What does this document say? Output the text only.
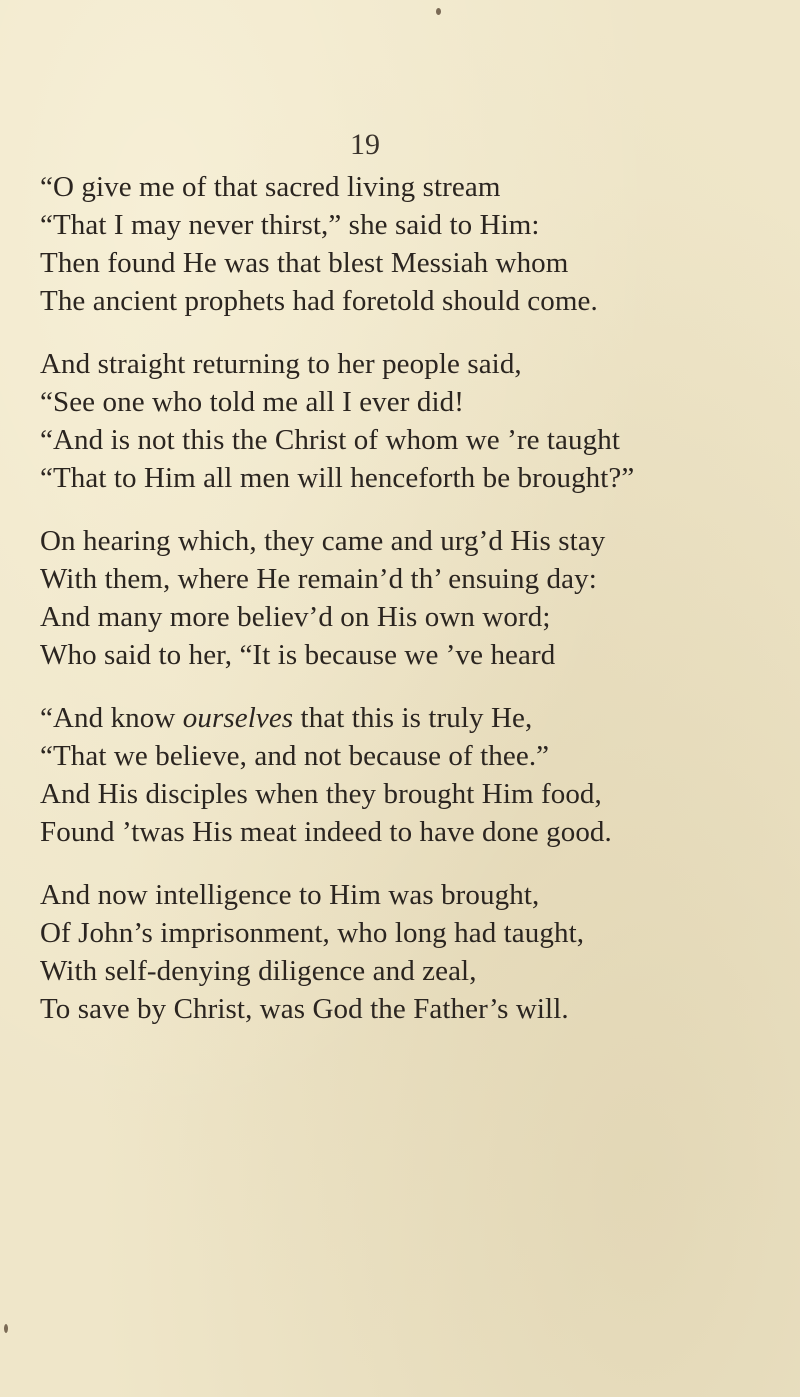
19
“O give me of that sacred living stream
“That I may never thirst,” she said to Him:
Then found He was that blest Messiah whom
The ancient prophets had foretold should come.
And straight returning to her people said,
“See one who told me all I ever did!
“And is not this the Christ of whom we ’re taught
“That to Him all men will henceforth be brought?”
On hearing which, they came and urg’d His stay
With them, where He remain’d th’ ensuing day:
And many more believ’d on His own word;
Who said to her, “It is because we ’ve heard
“And know ourselves that this is truly He,
“That we believe, and not because of thee.”
And His disciples when they brought Him food,
Found ’twas His meat indeed to have done good.
And now intelligence to Him was brought,
Of John’s imprisonment, who long had taught,
With self-denying diligence and zeal,
To save by Christ, was God the Father’s will.
